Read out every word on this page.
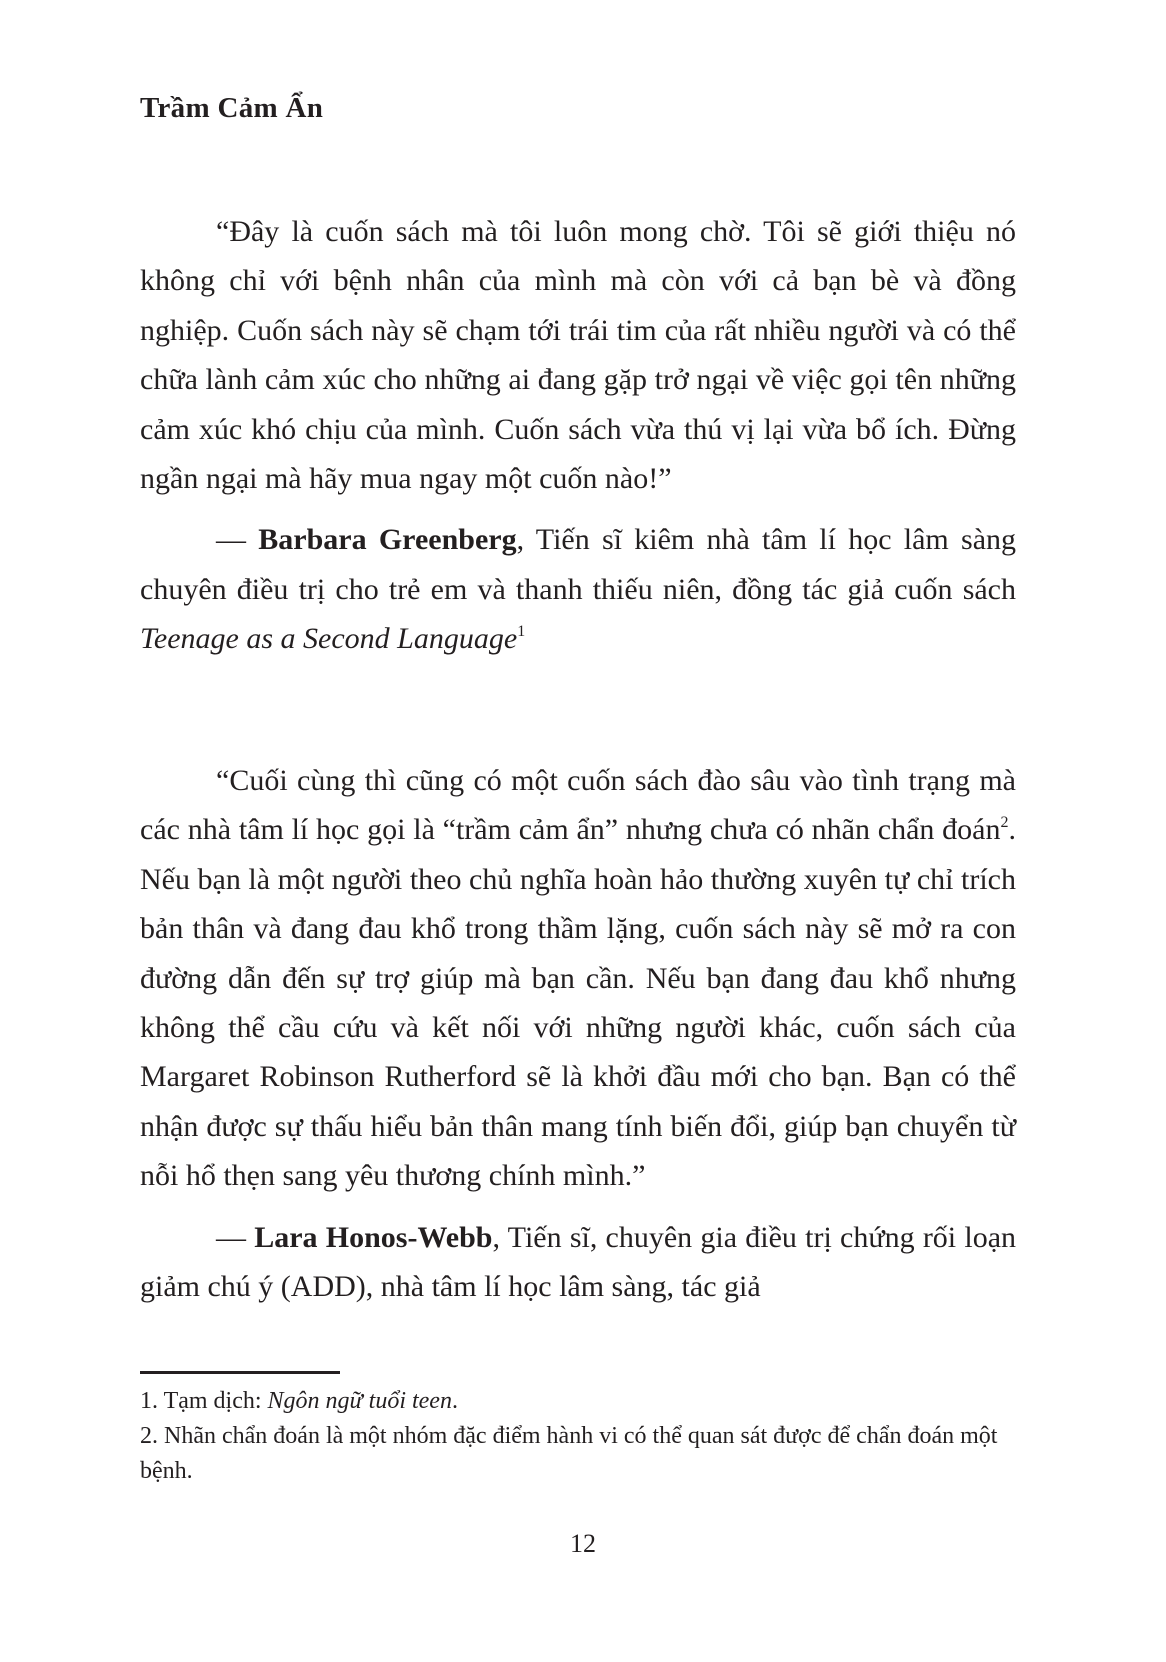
Trầm Cảm Ẩn

“Đây là cuốn sách mà tôi luôn mong chờ. Tôi sẽ giới thiệu nó không chỉ với bệnh nhân của mình mà còn với cả bạn bè và đồng nghiệp. Cuốn sách này sẽ chạm tới trái tim của rất nhiều người và có thể chữa lành cảm xúc cho những ai đang gặp trở ngại về việc gọi tên những cảm xúc khó chịu của mình. Cuốn sách vừa thú vị lại vừa bổ ích. Đừng ngần ngại mà hãy mua ngay một cuốn nào!”

— Barbara Greenberg, Tiến sĩ kiêm nhà tâm lí học lâm sàng chuyên điều trị cho trẻ em và thanh thiếu niên, đồng tác giả cuốn sách Teenage as a Second Language$^1$

“Cuối cùng thì cũng có một cuốn sách đào sâu vào tình trạng mà các nhà tâm lí học gọi là “trầm cảm ẩn” nhưng chưa có nhãn chẩn đoán$^2$. Nếu bạn là một người theo chủ nghĩa hoàn hảo thường xuyên tự chỉ trích bản thân và đang đau khổ trong thầm lặng, cuốn sách này sẽ mở ra con đường dẫn đến sự trợ giúp mà bạn cần. Nếu bạn đang đau khổ nhưng không thể cầu cứu và kết nối với những người khác, cuốn sách của Margaret Robinson Rutherford sẽ là khởi đầu mới cho bạn. Bạn có thể nhận được sự thấu hiểu bản thân mang tính biến đổi, giúp bạn chuyển từ nỗi hổ thẹn sang yêu thương chính mình.”

— Lara Honos-Webb, Tiến sĩ, chuyên gia điều trị chứng rối loạn giảm chú ý (ADD), nhà tâm lí học lâm sàng, tác giả

1. Tạm dịch: Ngôn ngữ tuổi teen.

2. Nhãn chẩn đoán là một nhóm đặc điểm hành vi có thể quan sát được để chẩn đoán một bệnh.

12
